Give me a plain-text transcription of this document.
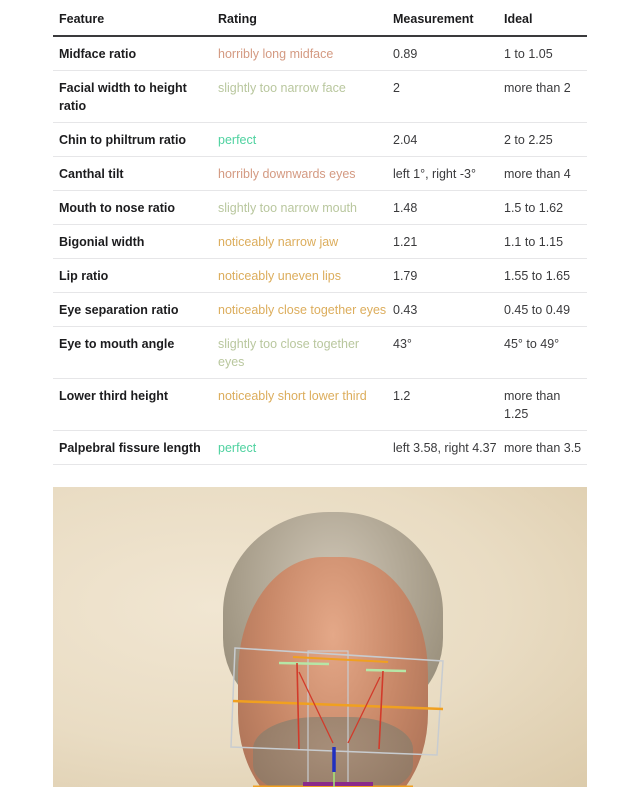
Feature	Rating	Measurement	Ideal
Midface ratio	horribly long midface	0.89	1 to 1.05
Facial width to height ratio	slightly too narrow face	2	more than 2
Chin to philtrum ratio	perfect	2.04	2 to 2.25
Canthal tilt	horribly downwards eyes	left 1°, right -3°	more than 4
Mouth to nose ratio	slightly too narrow mouth	1.48	1.5 to 1.62
Bigonial width	noticeably narrow jaw	1.21	1.1 to 1.15
Lip ratio	noticeably uneven lips	1.79	1.55 to 1.65
Eye separation ratio	noticeably close together eyes	0.43	0.45 to 0.49
Eye to mouth angle	slightly too close together eyes	43°	45° to 49°
Lower third height	noticeably short lower third	1.2	more than 1.25
Palpebral fissure length	perfect	left 3.58, right 4.37	more than 3.5
